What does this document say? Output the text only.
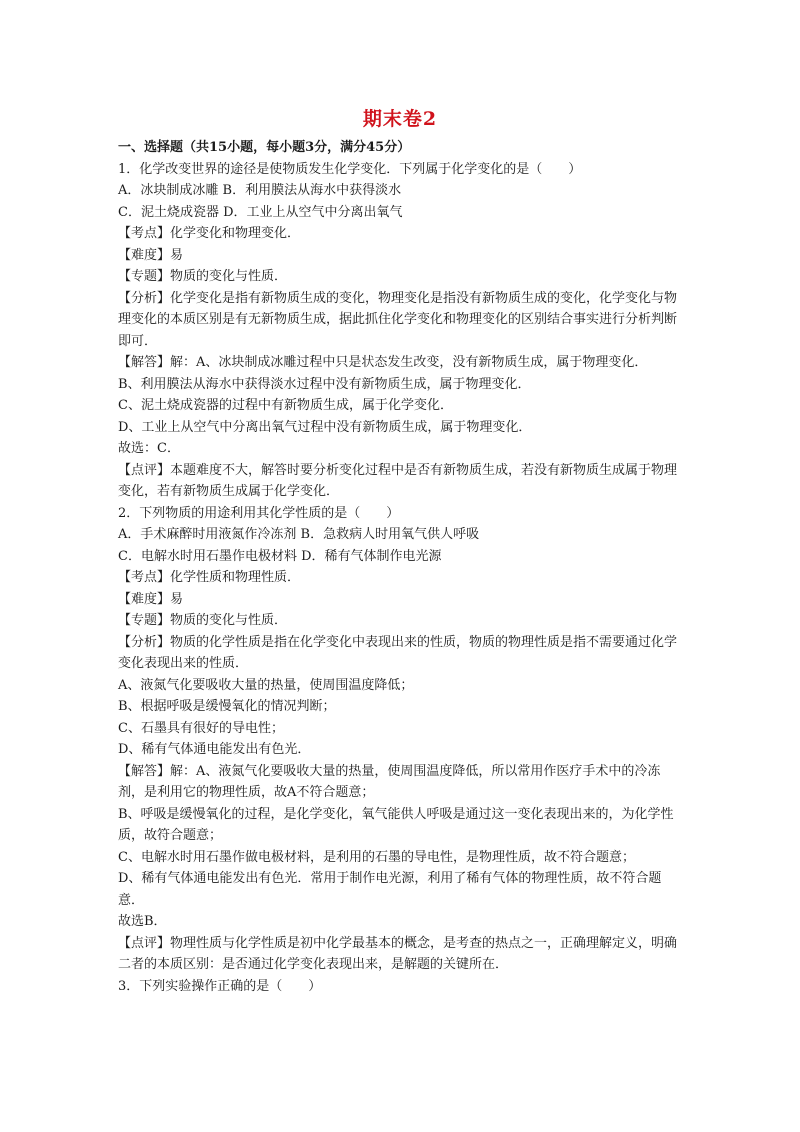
期末卷2

一、选择题（共15小题，每小题3分，满分45分）

1．化学改变世界的途径是使物质发生化学变化．下列属于化学变化的是（　　）

A．冰块制成冰雕 B．利用膜法从海水中获得淡水

C．泥土烧成瓷器 D．工业上从空气中分离出氧气

【考点】化学变化和物理变化．

【难度】易

【专题】物质的变化与性质．

【分析】化学变化是指有新物质生成的变化，物理变化是指没有新物质生成的变化，化学变化与物理变化的本质区别是有无新物质生成，据此抓住化学变化和物理变化的区别结合事实进行分析判断即可．

【解答】解：A、冰块制成冰雕过程中只是状态发生改变，没有新物质生成，属于物理变化．

B、利用膜法从海水中获得淡水过程中没有新物质生成，属于物理变化．

C、泥土烧成瓷器的过程中有新物质生成，属于化学变化．

D、工业上从空气中分离出氧气过程中没有新物质生成，属于物理变化．

故选：C．

【点评】本题难度不大，解答时要分析变化过程中是否有新物质生成，若没有新物质生成属于物理变化，若有新物质生成属于化学变化．

2．下列物质的用途利用其化学性质的是（　　）

A．手术麻醉时用液氮作冷冻剂 B．急救病人时用氧气供人呼吸

C．电解水时用石墨作电极材料 D．稀有气体制作电光源

【考点】化学性质和物理性质．

【难度】易

【专题】物质的变化与性质．

【分析】物质的化学性质是指在化学变化中表现出来的性质，物质的物理性质是指不需要通过化学变化表现出来的性质．

A、液氮气化要吸收大量的热量，使周围温度降低；

B、根据呼吸是缓慢氧化的情况判断；

C、石墨具有很好的导电性；

D、稀有气体通电能发出有色光．

【解答】解：A、液氮气化要吸收大量的热量，使周围温度降低，所以常用作医疗手术中的冷冻剂，是利用它的物理性质，故A不符合题意；

B、呼吸是缓慢氧化的过程，是化学变化，氧气能供人呼吸是通过这一变化表现出来的，为化学性质，故符合题意；

C、电解水时用石墨作做电极材料，是利用的石墨的导电性，是物理性质，故不符合题意；

D、稀有气体通电能发出有色光．常用于制作电光源，利用了稀有气体的物理性质，故不符合题意．

故选B．

【点评】物理性质与化学性质是初中化学最基本的概念，是考查的热点之一，正确理解定义，明确二者的本质区别：是否通过化学变化表现出来，是解题的关键所在．

3．下列实验操作正确的是（　　）
